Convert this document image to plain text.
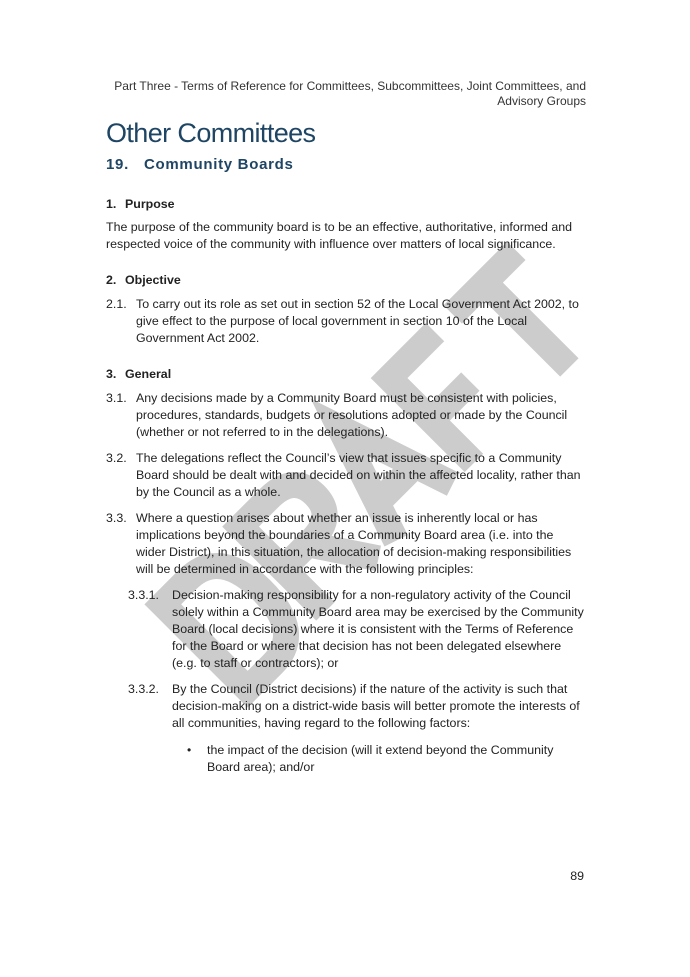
Part Three - Terms of Reference for Committees, Subcommittees, Joint Committees, and Advisory Groups
Other Committees
19. Community Boards

1. Purpose

The purpose of the community board is to be an effective, authoritative, informed and respected voice of the community with influence over matters of local significance.

2. Objective

2.1. To carry out its role as set out in section 52 of the Local Government Act 2002, to give effect to the purpose of local government in section 10 of the Local Government Act 2002.

3. General

3.1. Any decisions made by a Community Board must be consistent with policies, procedures, standards, budgets or resolutions adopted or made by the Council (whether or not referred to in the delegations).
3.2. The delegations reflect the Council’s view that issues specific to a Community Board should be dealt with and decided on within the affected locality, rather than by the Council as a whole.
3.3. Where a question arises about whether an issue is inherently local or has implications beyond the boundaries of a Community Board area (i.e. into the wider District), in this situation, the allocation of decision-making responsibilities will be determined in accordance with the following principles:
3.3.1. Decision-making responsibility for a non-regulatory activity of the Council solely within a Community Board area may be exercised by the Community Board (local decisions) where it is consistent with the Terms of Reference for the Board or where that decision has not been delegated elsewhere (e.g. to staff or contractors); or
3.3.2. By the Council (District decisions) if the nature of the activity is such that decision-making on a district-wide basis will better promote the interests of all communities, having regard to the following factors:
• the impact of the decision (will it extend beyond the Community Board area); and/or
89
